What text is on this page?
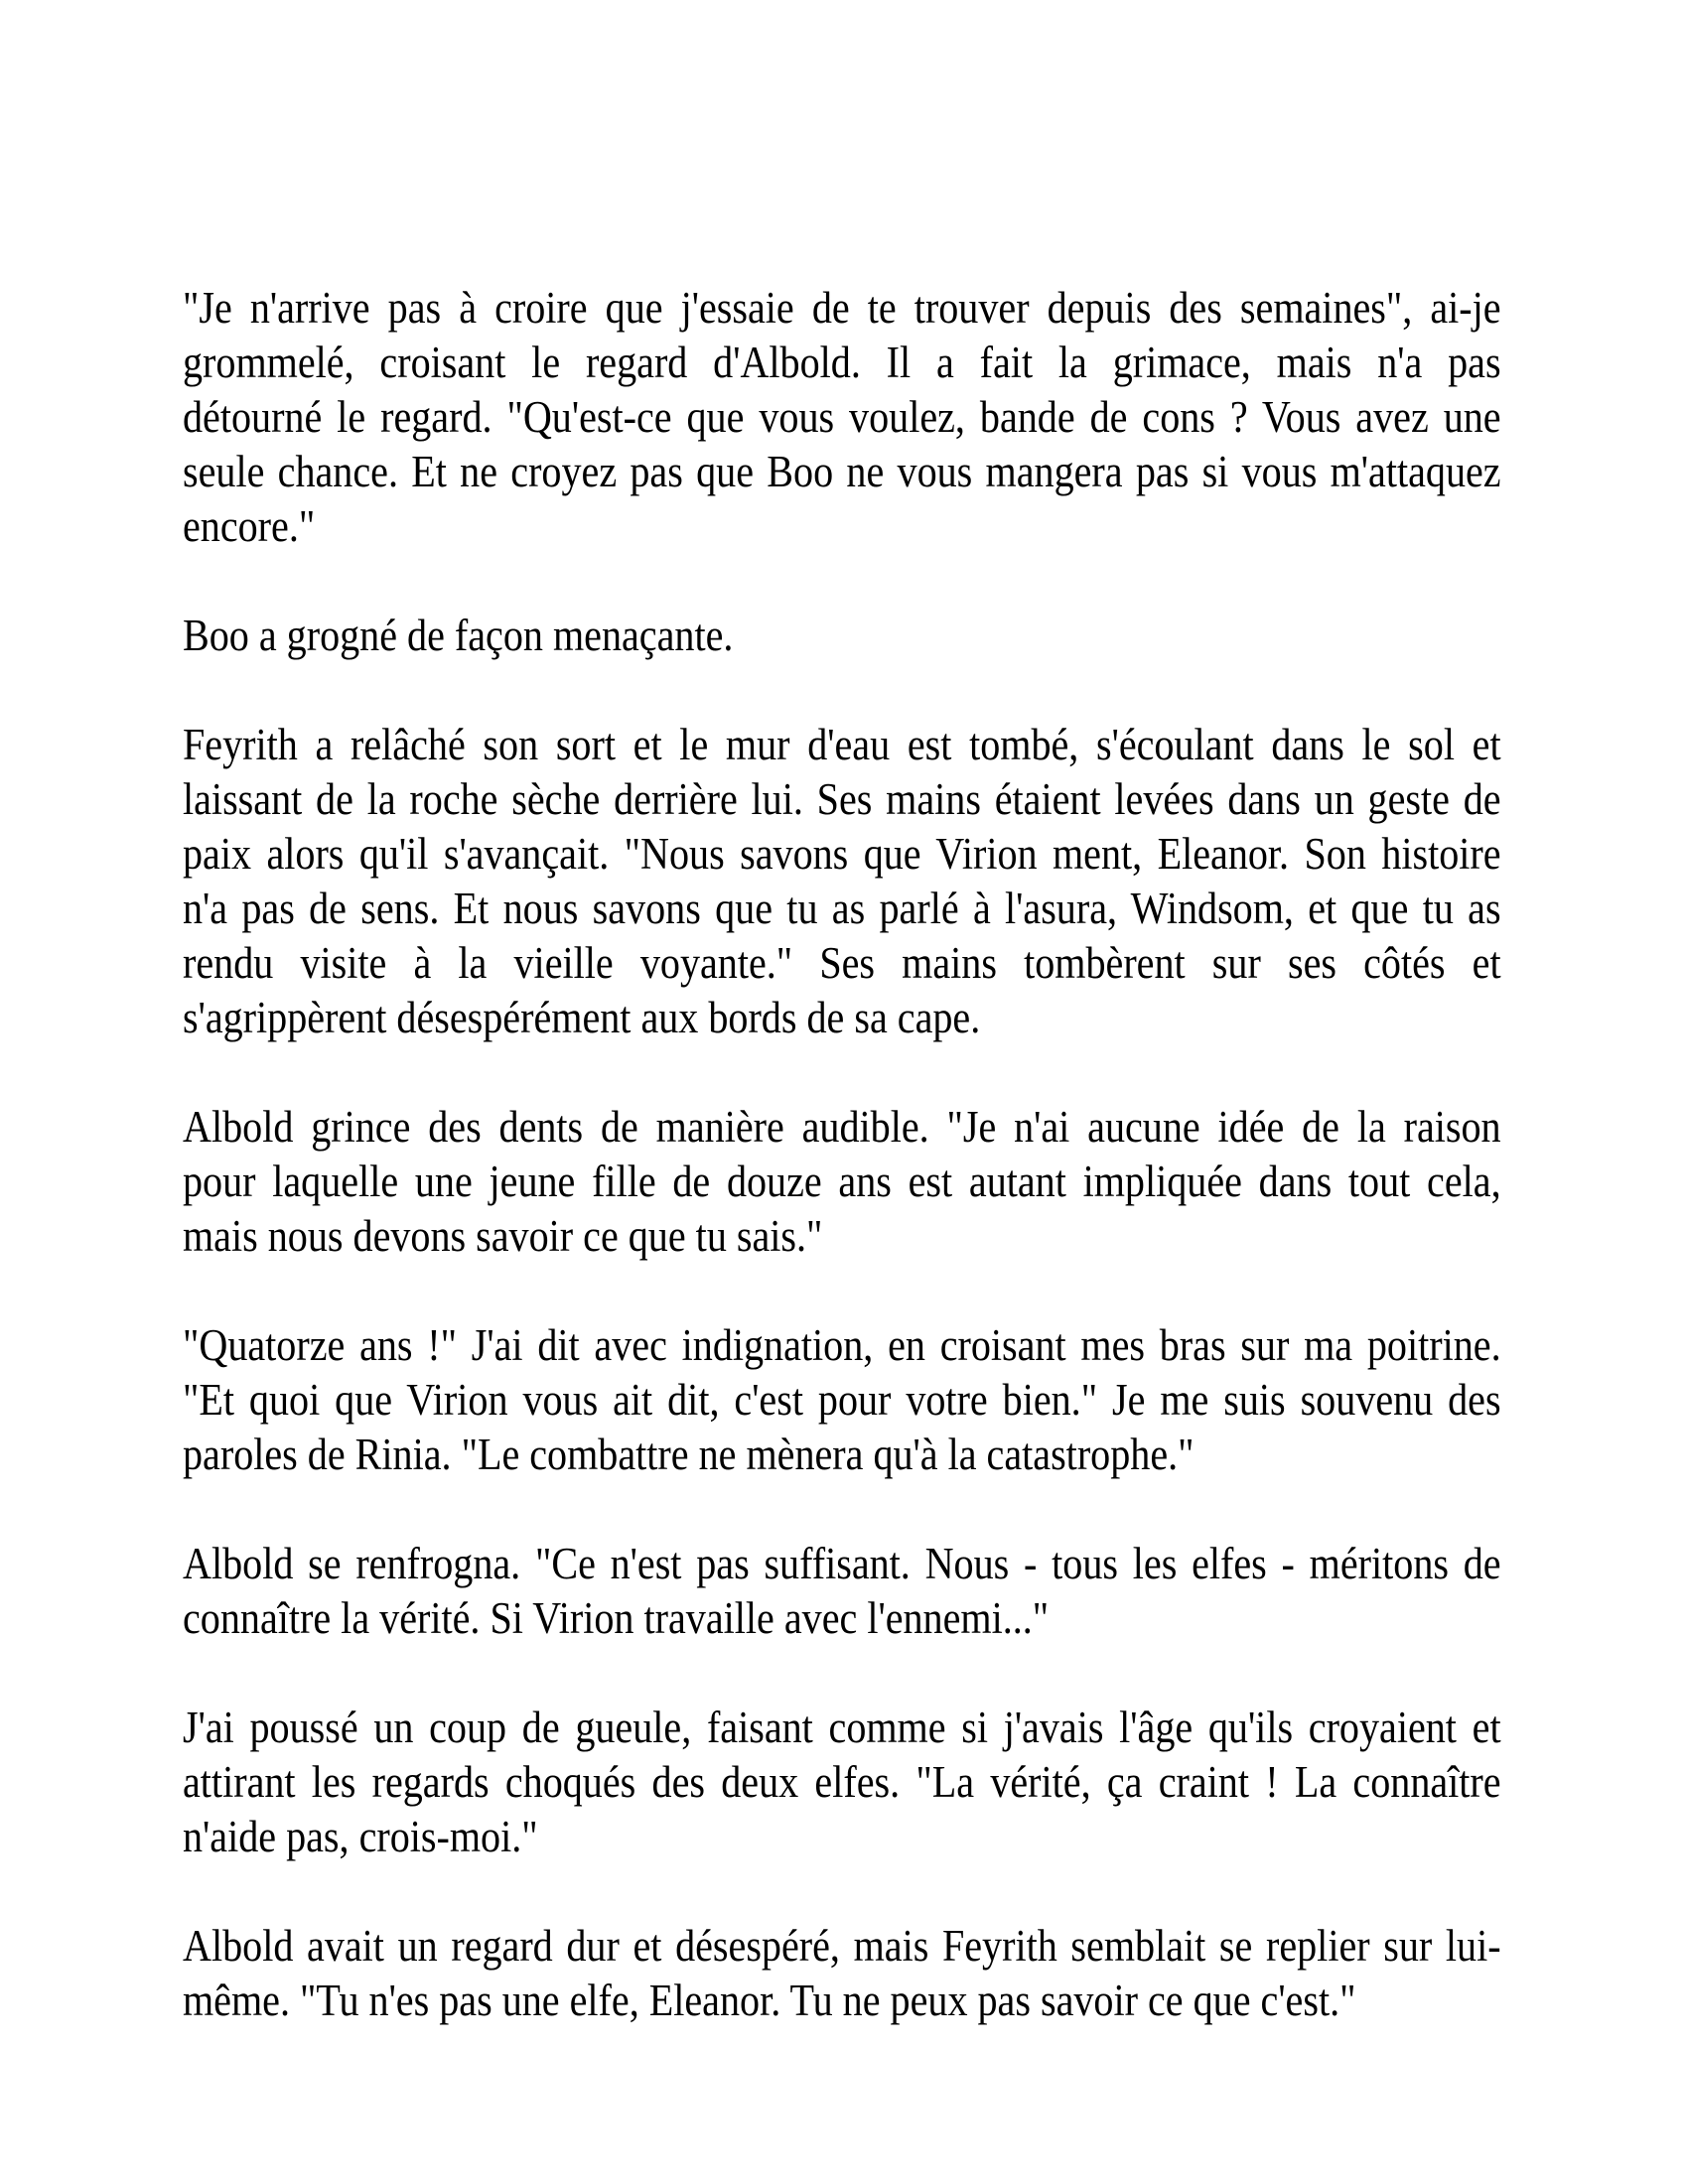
"Je n'arrive pas à croire que j'essaie de te trouver depuis des semaines", ai-je
grommelé, croisant le regard d'Albold. Il a fait la grimace, mais n'a pas
détourné le regard. "Qu'est-ce que vous voulez, bande de cons ? Vous avez une
seule chance. Et ne croyez pas que Boo ne vous mangera pas si vous m'attaquez
encore."
Boo a grogné de façon menaçante.
Feyrith a relâché son sort et le mur d'eau est tombé, s'écoulant dans le sol et
laissant de la roche sèche derrière lui. Ses mains étaient levées dans un geste de
paix alors qu'il s'avançait. "Nous savons que Virion ment, Eleanor. Son histoire
n'a pas de sens. Et nous savons que tu as parlé à l'asura, Windsom, et que tu as
rendu visite à la vieille voyante." Ses mains tombèrent sur ses côtés et
s'agrippèrent désespérément aux bords de sa cape.
Albold grince des dents de manière audible. "Je n'ai aucune idée de la raison
pour laquelle une jeune fille de douze ans est autant impliquée dans tout cela,
mais nous devons savoir ce que tu sais."
"Quatorze ans !" J'ai dit avec indignation, en croisant mes bras sur ma poitrine.
"Et quoi que Virion vous ait dit, c'est pour votre bien." Je me suis souvenu des
paroles de Rinia. "Le combattre ne mènera qu'à la catastrophe."
Albold se renfrogna. "Ce n'est pas suffisant. Nous - tous les elfes - méritons de
connaître la vérité. Si Virion travaille avec l'ennemi..."
J'ai poussé un coup de gueule, faisant comme si j'avais l'âge qu'ils croyaient et
attirant les regards choqués des deux elfes. "La vérité, ça craint ! La connaître
n'aide pas, crois-moi."
Albold avait un regard dur et désespéré, mais Feyrith semblait se replier sur lui-
même. "Tu n'es pas une elfe, Eleanor. Tu ne peux pas savoir ce que c'est."
